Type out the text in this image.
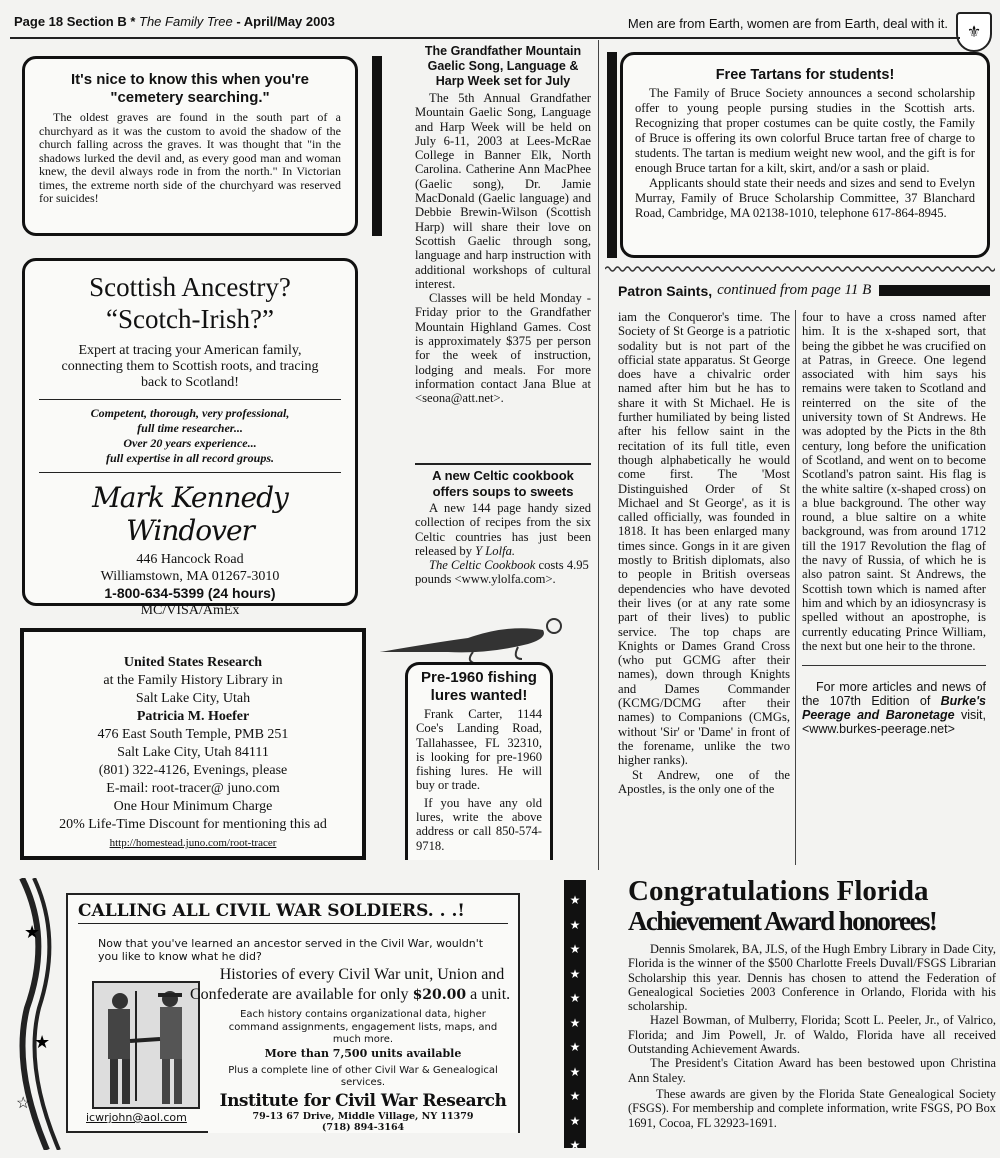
Page 18 Section B * The Family Tree - April/May 2003	Men are from Earth, women are from Earth, deal with it.
⚜
It's nice to know this when you're "cemetery searching."

The oldest graves are found in the south part of a churchyard as it was the custom to avoid the shadow of the church falling across the graves. It was thought that "in the shadows lurked the devil and, as every good man and woman knew, the devil always rode in from the north." In Victorian times, the extreme north side of the churchyard was reserved for suicides!

Scottish Ancestry?
“Scotch-Irish?”
Expert at tracing your American family, connecting them to Scottish roots, and tracing back to Scotland!
Competent, thorough, very professional,
full time researcher...
Over 20 years experience...
full expertise in all record groups.
Mark Kennedy Windover
446 Hancock Road
Williamstown, MA 01267-3010
1-800-634-5399 (24 hours)
MC/VISA/AmEx
United States Research
at the Family History Library in
Salt Lake City, Utah
Patricia M. Hoefer
476 East South Temple, PMB 251
Salt Lake City, Utah 84111
(801) 322-4126, Evenings, please
E-mail: root-tracer@ juno.com
One Hour Minimum Charge
20% Life-Time Discount for mentioning this ad
http://homestead.juno.com/root-tracer
The Grandfather Mountain Gaelic Song, Language & Harp Week set for July

The 5th Annual Grandfather Mountain Gaelic Song, Language and Harp Week will be held on July 6-11, 2003 at Lees-McRae College in Banner Elk, North Carolina. Catherine Ann MacPhee (Gaelic song), Dr. Jamie MacDonald (Gaelic language) and Debbie Brewin-Wilson (Scottish Harp) will share their love on Scottish Gaelic through song, language and harp instruction with additional workshops of cultural interest.

Classes will be held Monday - Friday prior to the Grandfather Mountain Highland Games. Cost is approximately $375 per person for the week of instruction, lodging and meals. For more information contact Jana Blue at <seona@att.net>.

A new Celtic cookbook offers soups to sweets

A new 144 page handy sized collection of recipes from the six Celtic countries has just been released by Y Lolfa.

The Celtic Cookbook costs 4.95 pounds <www.ylolfa.com>.

Pre-1960 fishing lures wanted!

Frank Carter, 1144 Coe's Landing Road, Tallahassee, FL 32310, is looking for pre-1960 fishing lures. He will buy or trade.

If you have any old lures, write the above address or call 850-574-9718.

Free Tartans for students!

The Family of Bruce Society announces a second scholarship offer to young people pursing studies in the Scottish arts. Recognizing that proper costumes can be quite costly, the Family of Bruce is offering its own colorful Bruce tartan free of charge to students. The tartan is medium weight new wool, and the gift is for enough Bruce tartan for a kilt, skirt, and/or a sash or plaid.

Applicants should state their needs and sizes and send to Evelyn Murray, Family of Bruce Scholarship Committee, 37 Blanchard Road, Cambridge, MA 02138-1010, telephone 617-864-8945.

Patron Saints, continued from page 11 B

iam the Conqueror's time. The Society of St George is a patriotic sodality but is not part of the official state apparatus. St George does have a chivalric order named after him but he has to share it with St Michael. He is further humiliated by being listed after his fellow saint in the recitation of its full title, even though alphabetically he would come first. The 'Most Distinguished Order of St Michael and St George', as it is called officially, was founded in 1818. It has been enlarged many times since. Gongs in it are given mostly to British diplomats, also to people in British overseas dependencies who have devoted their lives (or at any rate some part of their lives) to public service. The top chaps are Knights or Dames Grand Cross (who put GCMG after their names), down through Knights and Dames Commander (KCMG/DCMG after their names) to Companions (CMGs, without 'Sir' or 'Dame' in front of the forename, unlike the two higher ranks).

St Andrew, one of the Apostles, is the only one of the

four to have a cross named after him. It is the x-shaped sort, that being the gibbet he was crucified on at Patras, in Greece. One legend associated with him says his remains were taken to Scotland and reinterred on the site of the university town of St Andrews. He was adopted by the Picts in the 8th century, long before the unification of Scotland, and went on to become Scotland's patron saint. His flag is the white saltire (x-shaped cross) on a blue background. The other way round, a blue saltire on a white background, was from around 1712 till the 1917 Revolution the flag of the navy of Russia, of which he is also patron saint. St Andrews, the Scottish town which is named after him and which by an idiosyncrasy is spelled without an apostrophe, is currently educating Prince William, the next but one heir to the throne.

For more articles and news of the 107th Edition of Burke's Peerage and Baronetage visit,<www.burkes-peerage.net>

★
★
☆
CALLING ALL CIVIL WAR SOLDIERS. . .!
Now that you've learned an ancestor served in the Civil War, wouldn't you like to know what he did?
icwrjohn@aol.com
Histories of every Civil War unit, Union and
Confederate are available for only $20.00 a unit.
Each history contains organizational data, higher command assignments, engagement lists, maps, and much more.
More than 7,500 units available
Plus a complete line of other Civil War & Genealogical services.
Institute for Civil War Research
79-13 67 Drive, Middle Village, NY 11379
(718) 894-3164
★
★
★
★
★
★
★
★
★
★
★
Congratulations Florida
Achievement Award honorees!

Dennis Smolarek, BA, JLS, of the Hugh Embry Library in Dade City, Florida is the winner of the $500 Charlotte Freels Duvall/FSGS Librarian Scholarship this year. Dennis has chosen to attend the Federation of Genealogical Societies 2003 Conference in Orlando, Florida with his scholarship.

Hazel Bowman, of Mulberry, Florida; Scott L. Peeler, Jr., of Valrico, Florida; and Jim Powell, Jr. of Waldo, Florida have all received Outstanding Achievement Awards.

The President's Citation Award has been bestowed upon Christina Ann Staley.

These awards are given by the Florida State Genealogical Society (FSGS). For membership and complete information, write FSGS, PO Box 1691, Cocoa, FL 32923-1691.
